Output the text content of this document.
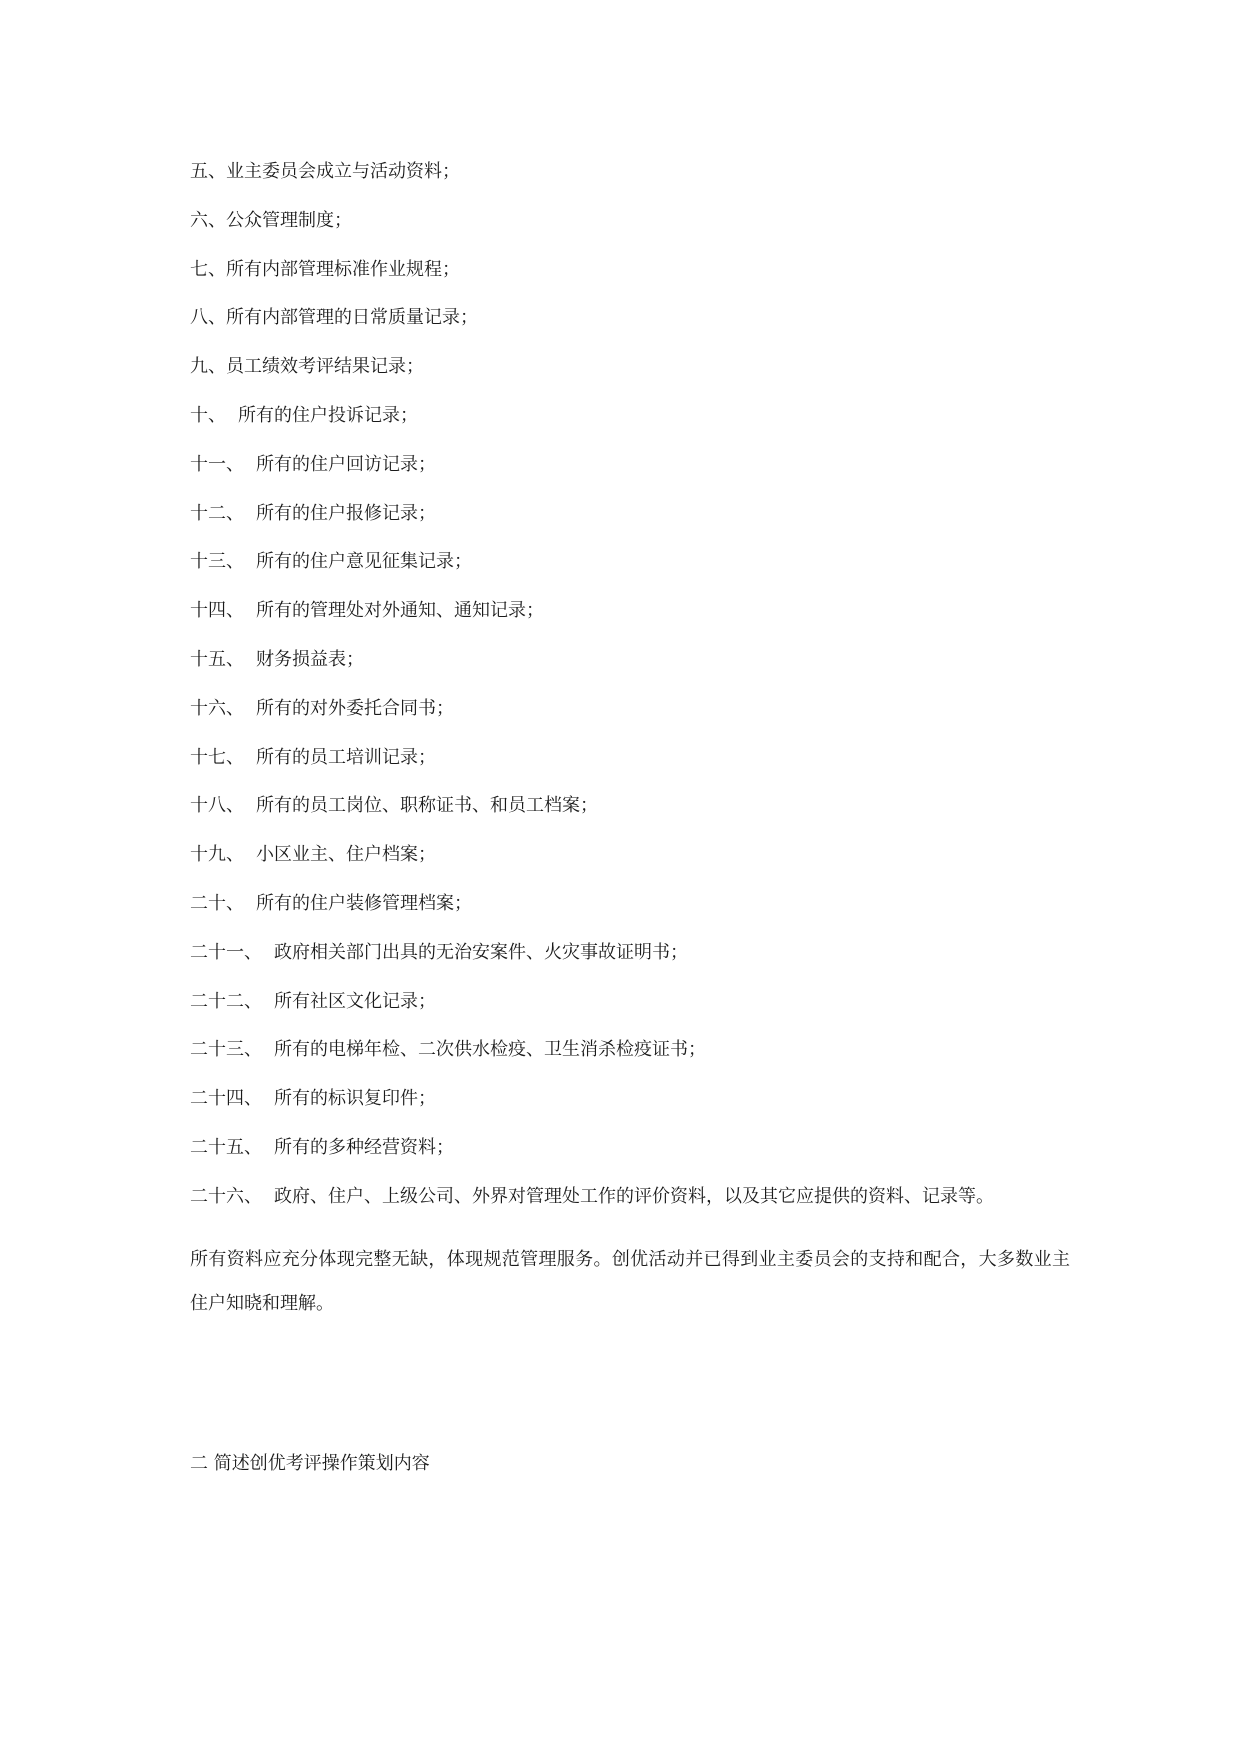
五、 业主委员会成立与活动资料；
六、 公众管理制度；
七、 所有内部管理标准作业规程；
八、 所有内部管理的日常质量记录；
九、 员工绩效考评结果记录；
十、 所有的住户投诉记录；
十一、 所有的住户回访记录；
十二、 所有的住户报修记录；
十三、 所有的住户意见征集记录；
十四、 所有的管理处对外通知、通知记录；
十五、 财务损益表；
十六、 所有的对外委托合同书；
十七、 所有的员工培训记录；
十八、 所有的员工岗位、职称证书、和员工档案；
十九、 小区业主、住户档案；
二十、 所有的住户装修管理档案；
二十一、 政府相关部门出具的无治安案件、火灾事故证明书；
二十二、 所有社区文化记录；
二十三、 所有的电梯年检、二次供水检疫、卫生消杀检疫证书；
二十四、 所有的标识复印件；
二十五、 所有的多种经营资料；
二十六、 政府、住户、上级公司、外界对管理处工作的评价资料，以及其它应提供的资料、记录等。
所有资料应充分体现完整无缺，体现规范管理服务。创优活动并已得到业主委员会的支持和配合，大多数业主住户知晓和理解。
二 简述创优考评操作策划内容
